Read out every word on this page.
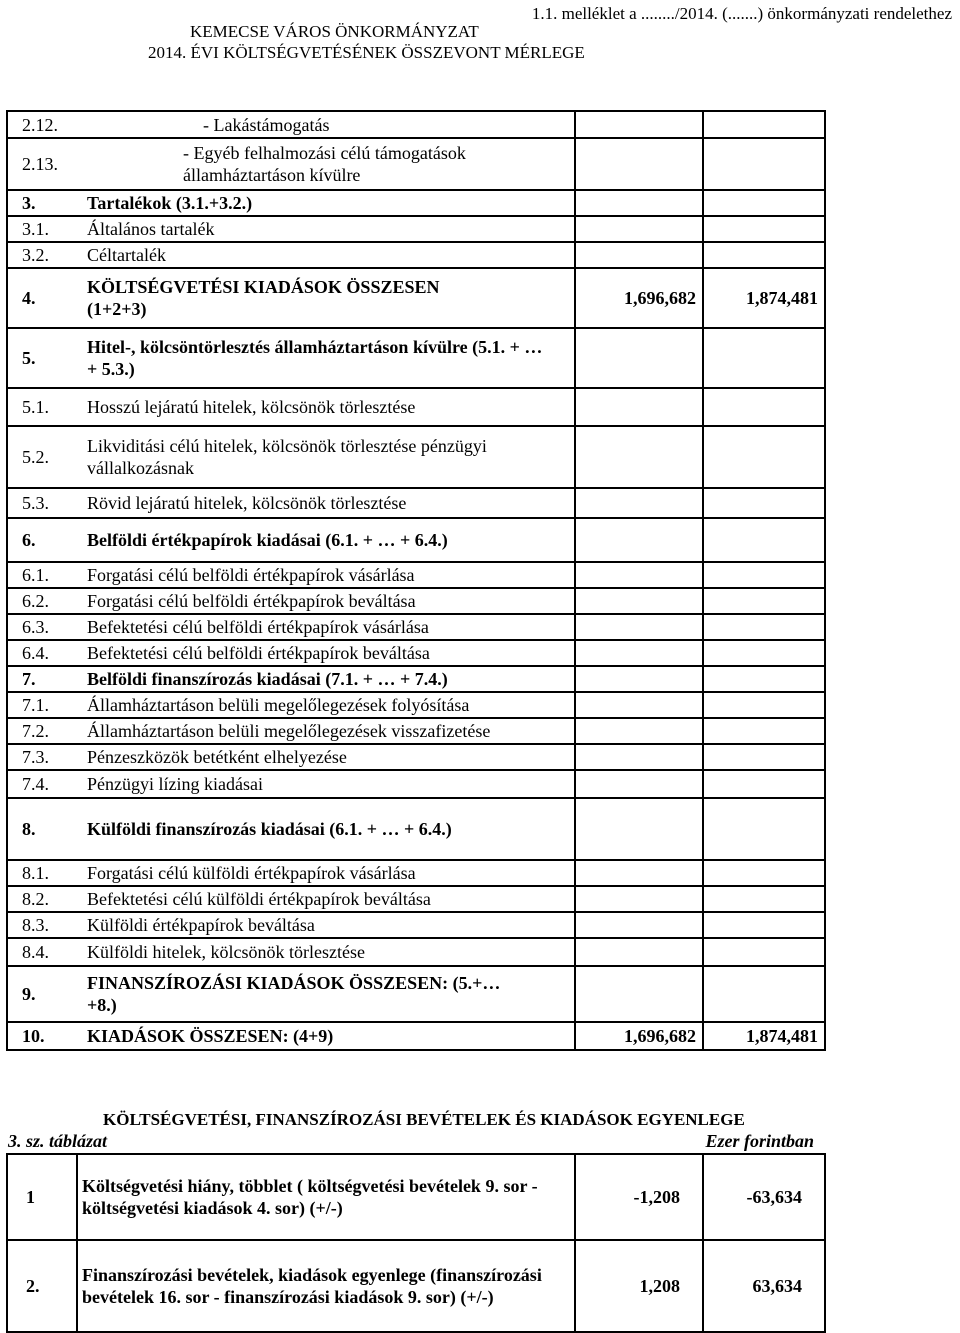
1.1. melléklet a ......../2014. (.......) önkormányzati rendelethez
KEMECSE VÁROS ÖNKORMÁNYZAT
2014. ÉVI KÖLTSÉGVETÉSÉNEK ÖSSZEVONT MÉRLEGE
2.12.	- Lakástámogatás		
2.13.	- Egyéb felhalmozási célú támogatások államháztartáson kívülre		
3.	Tartalékok (3.1.+3.2.)		
3.1.	Általános tartalék		
3.2.	Céltartalék		
4.	KÖLTSÉGVETÉSI KIADÁSOK ÖSSZESEN (1+2+3)	1,696,682	1,874,481
5.	Hitel-, kölcsöntörlesztés államháztartáson kívülre (5.1. + … + 5.3.)		
5.1.	Hosszú lejáratú hitelek, kölcsönök törlesztése		
5.2.	Likviditási célú hitelek, kölcsönök törlesztése pénzügyi vállalkozásnak		
5.3.	Rövid lejáratú hitelek, kölcsönök törlesztése		
6.	Belföldi értékpapírok kiadásai (6.1. + … + 6.4.)		
6.1.	Forgatási célú belföldi értékpapírok vásárlása		
6.2.	Forgatási célú belföldi értékpapírok beváltása		
6.3.	Befektetési célú belföldi értékpapírok vásárlása		
6.4.	Befektetési célú belföldi értékpapírok beváltása		
7.	Belföldi finanszírozás kiadásai (7.1. + … + 7.4.)		
7.1.	Államháztartáson belüli megelőlegezések folyósítása		
7.2.	Államháztartáson belüli megelőlegezések visszafizetése		
7.3.	Pénzeszközök betétként elhelyezése		
7.4.	Pénzügyi lízing kiadásai		
8.	Külföldi finanszírozás kiadásai (6.1. + … + 6.4.)		
8.1.	Forgatási célú külföldi értékpapírok vásárlása		
8.2.	Befektetési célú külföldi értékpapírok beváltása		
8.3.	Külföldi értékpapírok beváltása		
8.4.	Külföldi hitelek, kölcsönök törlesztése		
9.	FINANSZÍROZÁSI KIADÁSOK ÖSSZESEN: (5.+…+8.)		
10.	KIADÁSOK ÖSSZESEN: (4+9)	1,696,682	1,874,481
KÖLTSÉGVETÉSI, FINANSZÍROZÁSI BEVÉTELEK ÉS KIADÁSOK EGYENLEGE
3. sz. táblázat	Ezer forintban
1	Költségvetési hiány, többlet ( költségvetési bevételek 9. sor - költségvetési kiadások 4. sor) (+/-)	-1,208	-63,634
2.	Finanszírozási bevételek, kiadások egyenlege (finanszírozási bevételek 16. sor - finanszírozási kiadások 9. sor) (+/-)	1,208	63,634
